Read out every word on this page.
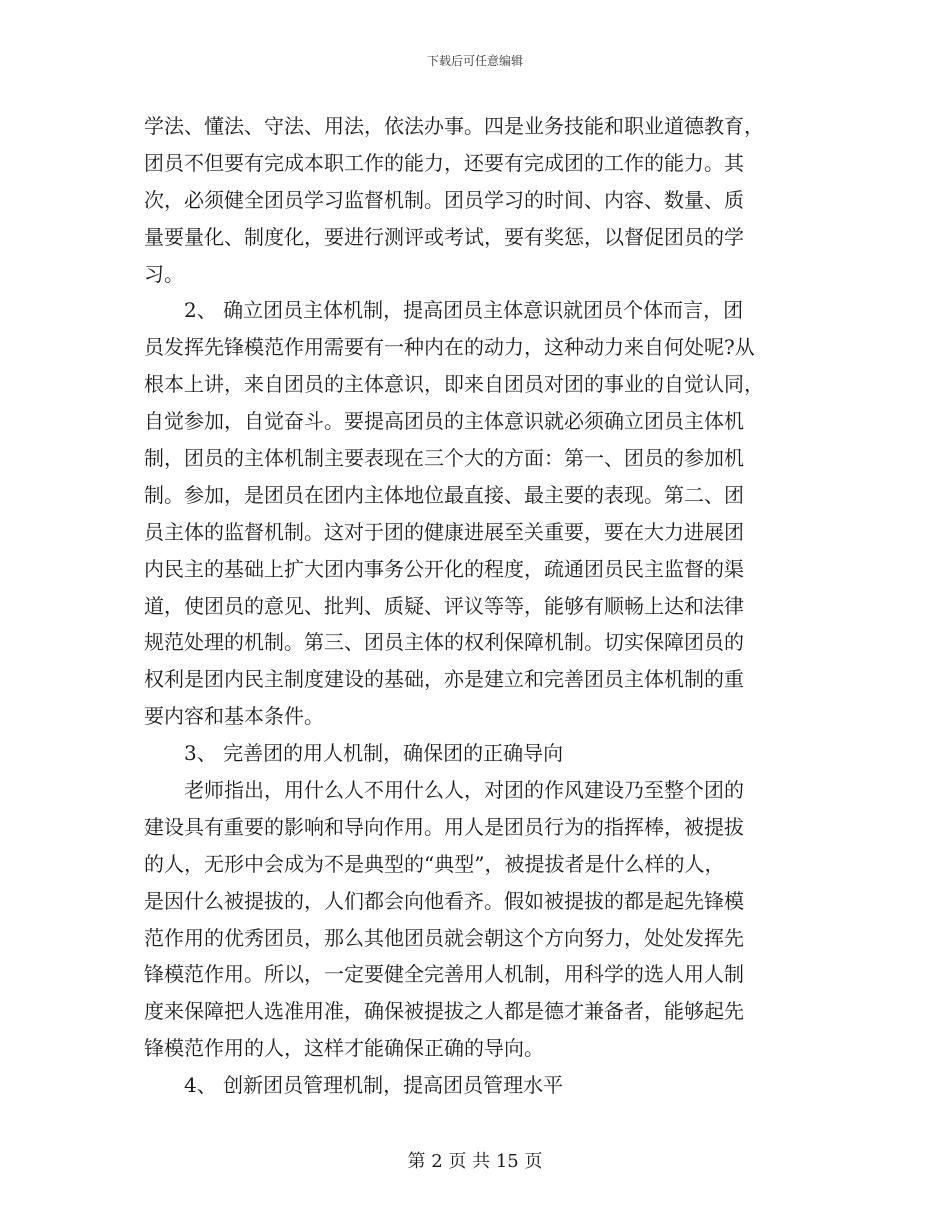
下载后可任意编辑
学法、懂法、守法、用法，依法办事。四是业务技能和职业道德教育，
团员不但要有完成本职工作的能力，还要有完成团的工作的能力。其
次，必须健全团员学习监督机制。团员学习的时间、内容、数量、质
量要量化、制度化，要进行测评或考试，要有奖惩，以督促团员的学
习。
　　2、 确立团员主体机制，提高团员主体意识就团员个体而言，团
员发挥先锋模范作用需要有一种内在的动力，这种动力来自何处呢?从
根本上讲，来自团员的主体意识，即来自团员对团的事业的自觉认同，
自觉参加，自觉奋斗。要提高团员的主体意识就必须确立团员主体机
制，团员的主体机制主要表现在三个大的方面：第一、团员的参加机
制。参加，是团员在团内主体地位最直接、最主要的表现。第二、团
员主体的监督机制。这对于团的健康进展至关重要，要在大力进展团
内民主的基础上扩大团内事务公开化的程度，疏通团员民主监督的渠
道，使团员的意见、批判、质疑、评议等等，能够有顺畅上达和法律
规范处理的机制。第三、团员主体的权利保障机制。切实保障团员的
权利是团内民主制度建设的基础，亦是建立和完善团员主体机制的重
要内容和基本条件。
　　3、 完善团的用人机制，确保团的正确导向
　　老师指出，用什么人不用什么人，对团的作风建设乃至整个团的
建设具有重要的影响和导向作用。用人是团员行为的指挥棒，被提拔
的人，无形中会成为不是典型的“典型”，被提拔者是什么样的人，
是因什么被提拔的，人们都会向他看齐。假如被提拔的都是起先锋模
范作用的优秀团员，那么其他团员就会朝这个方向努力，处处发挥先
锋模范作用。所以，一定要健全完善用人机制，用科学的选人用人制
度来保障把人选准用准，确保被提拔之人都是德才兼备者，能够起先
锋模范作用的人，这样才能确保正确的导向。
　　4、 创新团员管理机制，提高团员管理水平
第 2 页 共 15 页
